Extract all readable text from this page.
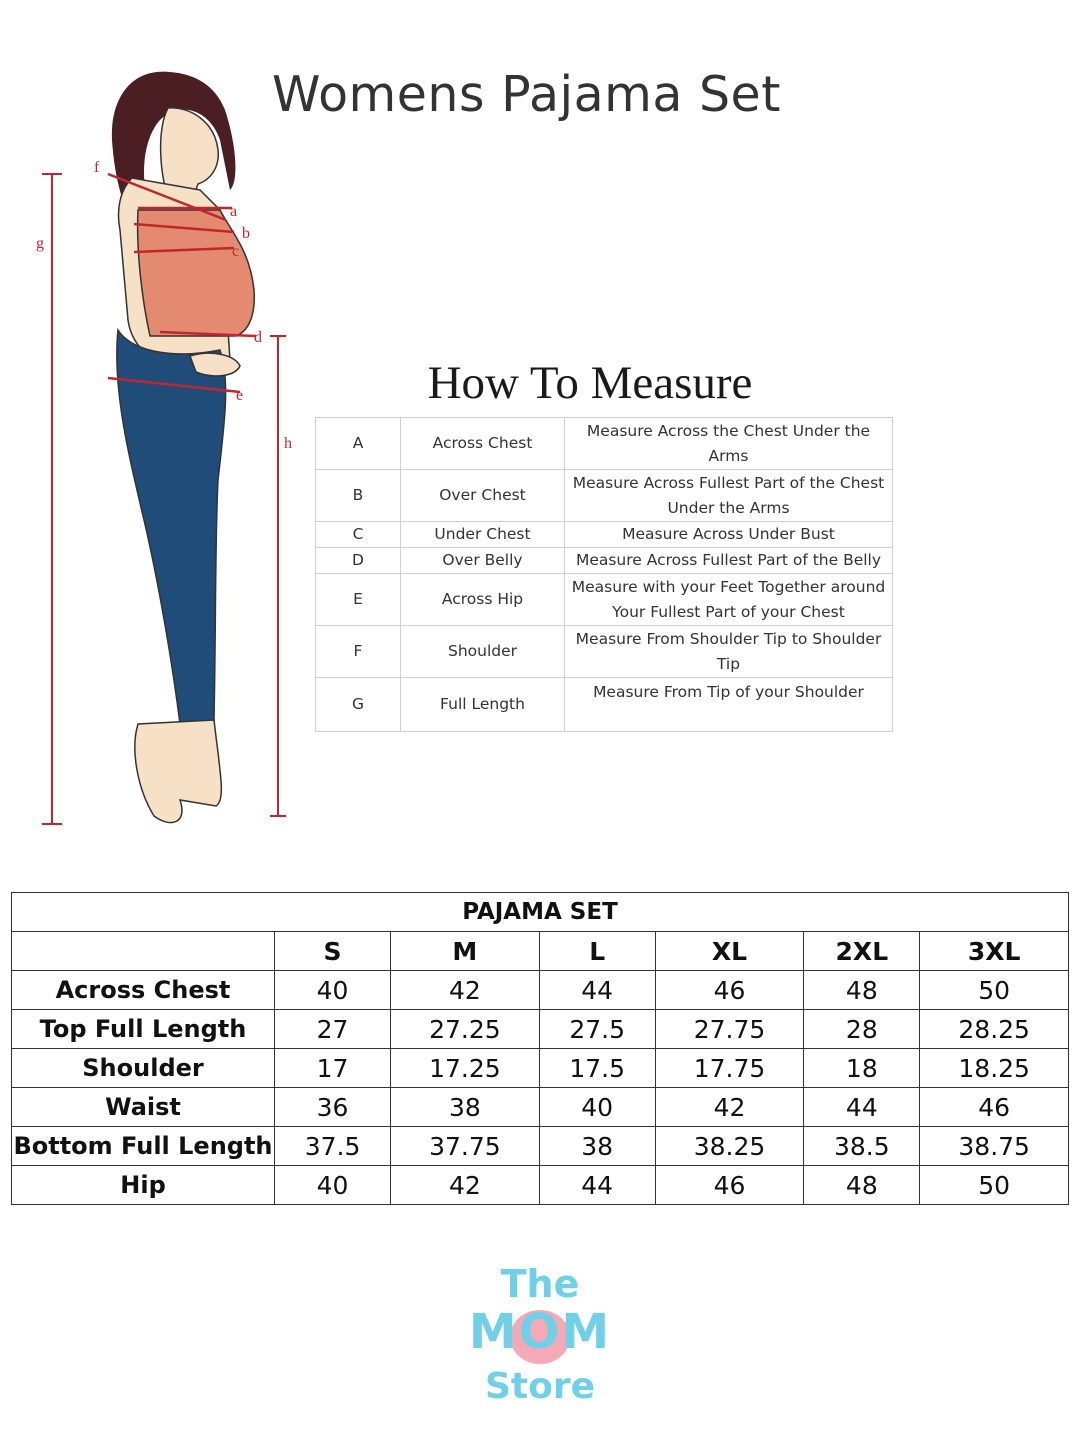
Womens Pajama Set
f
a
b
c
g
d
e
h
How To Measure
A	Across Chest	Measure Across the Chest Under the
Arms

B	Over Chest	Measure Across Fullest Part of the Chest
Under the Arms

C	Under Chest	Measure Across Under Bust
D	Over Belly	Measure Across Fullest Part of the Belly
E	Across Hip	Measure with your Feet Together around
Your Fullest Part of your Chest

F	Shoulder	Measure From Shoulder Tip to Shoulder
Tip

G	Full Length	Measure From Tip of your Shoulder
PAJAMA SET						
	S	M	L	XL	2XL	3XL
Across Chest	40	42	44	46	48	50
Top Full Length	27	27.25	27.5	27.75	28	28.25
Shoulder	17	17.25	17.5	17.75	18	18.25
Waist	36	38	40	42	44	46
Bottom Full Length	37.5	37.75	38	38.25	38.5	38.75
Hip	40	42	44	46	48	50
The
MOM
Store
